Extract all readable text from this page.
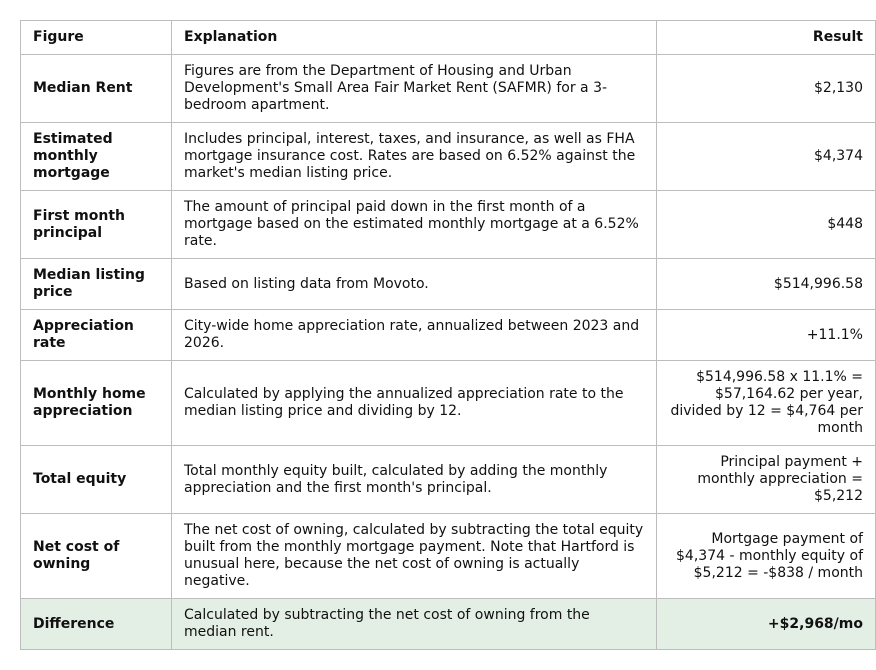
Figure	Explanation	Result
Median Rent	Figures are from the Department of Housing and Urban Development's Small Area Fair Market Rent (SAFMR) for a 3-bedroom apartment.	$2,130
Estimated monthly mortgage	Includes principal, interest, taxes, and insurance, as well as FHA mortgage insurance cost. Rates are based on 6.52% against the market's median listing price.	$4,374
First month principal	The amount of principal paid down in the first month of a mortgage based on the estimated monthly mortgage at a 6.52% rate.	$448
Median listing price	Based on listing data from Movoto.	$514,996.58
Appreciation rate	City-wide home appreciation rate, annualized between 2023 and 2026.	+11.1%
Monthly home appreciation	Calculated by applying the annualized appreciation rate to the median listing price and dividing by 12.	$514,996.58 x 11.1% = $57,164.62 per year, divided by 12 = $4,764 per month
Total equity	Total monthly equity built, calculated by adding the monthly appreciation and the first month's principal.	Principal payment + monthly appreciation = $5,212
Net cost of owning	The net cost of owning, calculated by subtracting the total equity built from the monthly mortgage payment. Note that Hartford is unusual here, because the net cost of owning is actually negative.	Mortgage payment of $4,374 - monthly equity of $5,212 = -$838 / month
Difference	Calculated by subtracting the net cost of owning from the median rent.	+$2,968/mo
